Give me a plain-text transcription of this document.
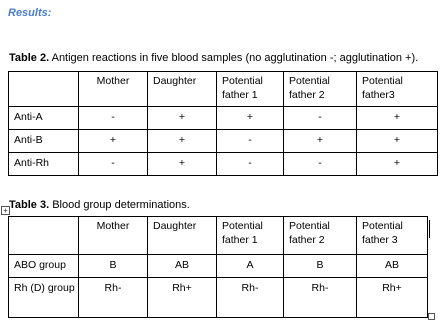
Results:
Table 2. Antigen reactions in five blood samples (no agglutination -; agglutination +).
	Mother	Daughter	Potential father 1	Potential father 2	Potential father3
Anti-A	-	+	+	-	+
Anti-B	+	+	-	+	+
Anti-Rh	-	+	-	-	+
+ Table 3. Blood group determinations.
	Mother	Daughter	Potential father 1	Potential father 2	Potential father 3
ABO group	B	AB	A	B	AB
Rh (D) group	Rh-	Rh+	Rh-	Rh-	Rh+
